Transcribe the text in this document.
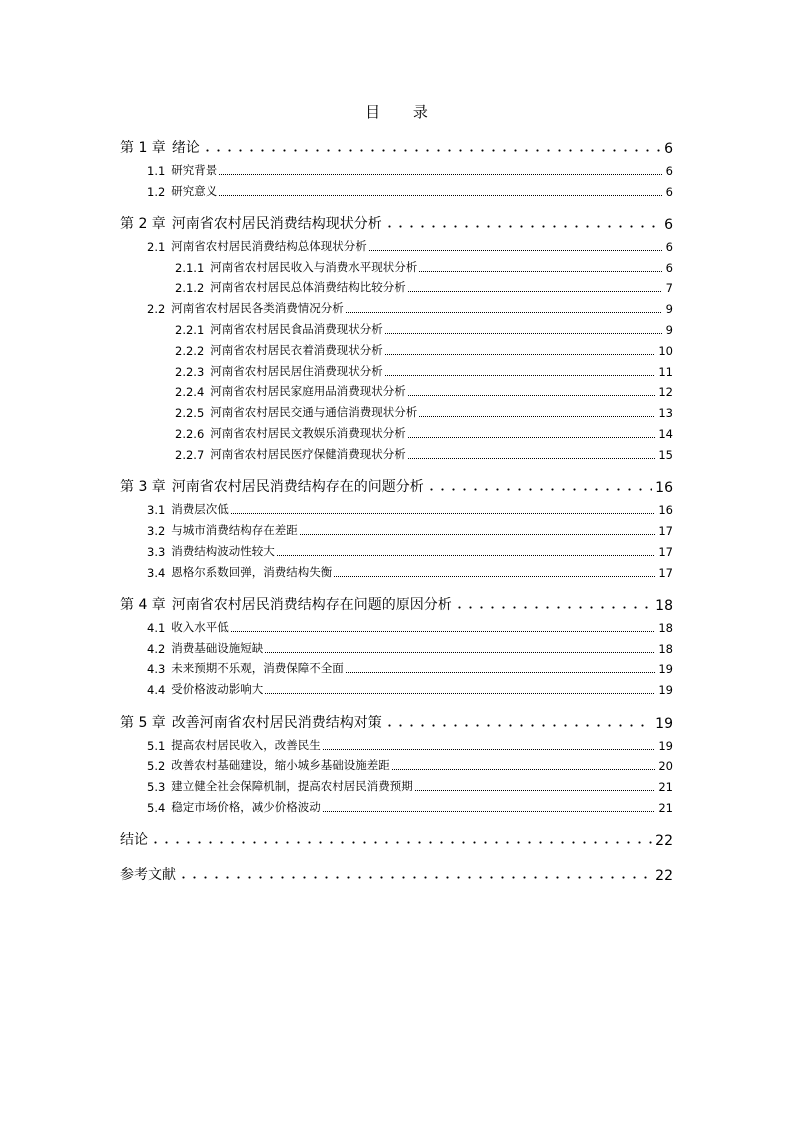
目 录
第 1 章 绪论	6
1.1 研究背景	6
1.2 研究意义	6
第 2 章 河南省农村居民消费结构现状分析	6
2.1 河南省农村居民消费结构总体现状分析	6
2.1.1 河南省农村居民收入与消费水平现状分析	6
2.1.2 河南省农村居民总体消费结构比较分析	7
2.2 河南省农村居民各类消费情况分析	9
2.2.1 河南省农村居民食品消费现状分析	9
2.2.2 河南省农村居民衣着消费现状分析	10
2.2.3 河南省农村居民居住消费现状分析	11
2.2.4 河南省农村居民家庭用品消费现状分析	12
2.2.5 河南省农村居民交通与通信消费现状分析	13
2.2.6 河南省农村居民文教娱乐消费现状分析	14
2.2.7 河南省农村居民医疗保健消费现状分析	15
第 3 章 河南省农村居民消费结构存在的问题分析	16
3.1 消费层次低	16
3.2 与城市消费结构存在差距	17
3.3 消费结构波动性较大	17
3.4 恩格尔系数回弹，消费结构失衡	17
第 4 章 河南省农村居民消费结构存在问题的原因分析	18
4.1 收入水平低	18
4.2 消费基础设施短缺	18
4.3 未来预期不乐观，消费保障不全面	19
4.4 受价格波动影响大	19
第 5 章 改善河南省农村居民消费结构对策	19
5.1 提高农村居民收入，改善民生	19
5.2 改善农村基础建设，缩小城乡基础设施差距	20
5.3 建立健全社会保障机制，提高农村居民消费预期	21
5.4 稳定市场价格，减少价格波动	21
结论	22
参考文献	22
